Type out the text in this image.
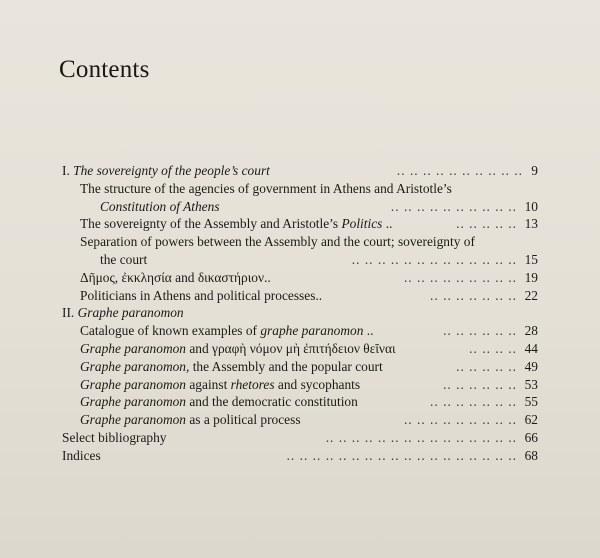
Contents
I. The sovereignty of the people’s court	9
.. .. .. .. .. .. .. .. .. ..
The structure of the agencies of government in Athens and Aristotle’s
Constitution of Athens	10
.. .. .. .. .. .. .. .. .. ..
The sovereignty of the Assembly and Aristotle’s Politics ..	13
.. .. .. .. ..
Separation of powers between the Assembly and the court; sovereignty of
the court	15
.. .. .. .. .. .. .. .. .. .. .. .. ..
Δῆμος, ἐκκλησία and δικαστήριον..	19
.. .. .. .. .. .. .. .. ..
Politicians in Athens and political processes..	22
.. .. .. .. .. .. ..
II. Graphe paranomon
Catalogue of known examples of graphe paranomon ..	28
.. .. .. .. .. ..
Graphe paranomon and γραφὴ νόμον μὴ ἐπιτήδειον θεῖναι	44
.. .. .. ..
Graphe paranomon, the Assembly and the popular court	49
.. .. .. .. ..
Graphe paranomon against rhetores and sycophants	53
.. .. .. .. .. ..
Graphe paranomon and the democratic constitution	55
.. .. .. .. .. .. ..
Graphe paranomon as a political process	62
.. .. .. .. .. .. .. .. ..
Select bibliography	66
.. .. .. .. .. .. .. .. .. .. .. .. .. .. ..
Indices	68
.. .. .. .. .. .. .. .. .. .. .. .. .. .. .. .. .. ..
